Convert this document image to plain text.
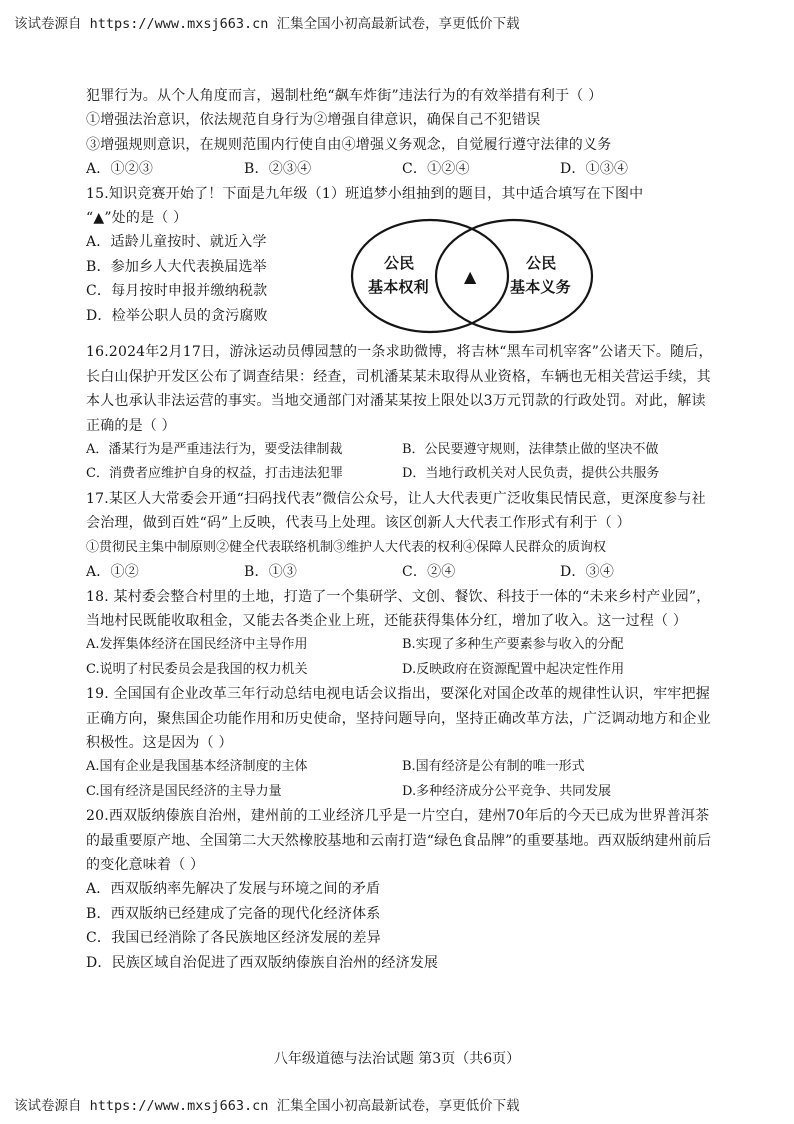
该试卷源自 https://www.mxsj663.cn 汇集全国小初高最新试卷，享更低价下载
犯罪行为。从个人角度而言，遏制杜绝“飙车炸街”违法行为的有效举措有利于（ ）
①增强法治意识，依法规范自身行为②增强自律意识，确保自己不犯错误
③增强规则意识，在规则范围内行使自由④增强义务观念，自觉履行遵守法律的义务
A．①②③	B．②③④	C．①②④	D．①③④
15.知识竞赛开始了！下面是九年级（1）班追梦小组抽到的题目，其中适合填写在下图中
“▲”处的是（ ）
A．适龄儿童按时、就近入学
B．参加乡人大代表换届选举
C．每月按时申报并缴纳税款
D．检举公职人员的贪污腐败
公民
基本权利
公民
基本义务
▲
16.2024年2月17日，游泳运动员傅园慧的一条求助微博，将吉林“黑车司机宰客”公诸天下。随后，长白山保护开发区公布了调查结果：经查，司机潘某某未取得从业资格，车辆也无相关营运手续，其本人也承认非法运营的事实。当地交通部门对潘某某按上限处以3万元罚款的行政处罚。对此，解读正确的是（ ）
A．潘某行为是严重违法行为，要受法律制裁	B．公民要遵守规则，法律禁止做的坚决不做
C．消费者应维护自身的权益，打击违法犯罪	D．当地行政机关对人民负责，提供公共服务
17.某区人大常委会开通“扫码找代表”微信公众号，让人大代表更广泛收集民情民意，更深度参与社会治理，做到百姓“码”上反映，代表马上处理。该区创新人大代表工作形式有利于（ ）
①贯彻民主集中制原则②健全代表联络机制③维护人大代表的权利④保障人民群众的质询权
A．①②	B．①③	C．②④	D．③④
18. 某村委会整合村里的土地，打造了一个集研学、文创、餐饮、科技于一体的“未来乡村产业园”，当地村民既能收取租金，又能去各类企业上班，还能获得集体分红，增加了收入。这一过程（ ）
A.发挥集体经济在国民经济中主导作用	B.实现了多种生产要素参与收入的分配
C.说明了村民委员会是我国的权力机关	D.反映政府在资源配置中起决定性作用
19. 全国国有企业改革三年行动总结电视电话会议指出，要深化对国企改革的规律性认识，牢牢把握正确方向，聚焦国企功能作用和历史使命，坚持问题导向，坚持正确改革方法，广泛调动地方和企业积极性。这是因为（ ）
A.国有企业是我国基本经济制度的主体	B.国有经济是公有制的唯一形式
C.国有经济是国民经济的主导力量	D.多种经济成分公平竞争、共同发展
20.西双版纳傣族自治州，建州前的工业经济几乎是一片空白，建州70年后的今天已成为世界普洱茶的最重要原产地、全国第二大天然橡胶基地和云南打造“绿色食品牌”的重要基地。西双版纳建州前后的变化意味着（ ）
A．西双版纳率先解决了发展与环境之间的矛盾
B．西双版纳已经建成了完备的现代化经济体系
C．我国已经消除了各民族地区经济发展的差异
D．民族区域自治促进了西双版纳傣族自治州的经济发展
八年级道德与法治试题 第3页（共6页）
该试卷源自 https://www.mxsj663.cn 汇集全国小初高最新试卷，享更低价下载
